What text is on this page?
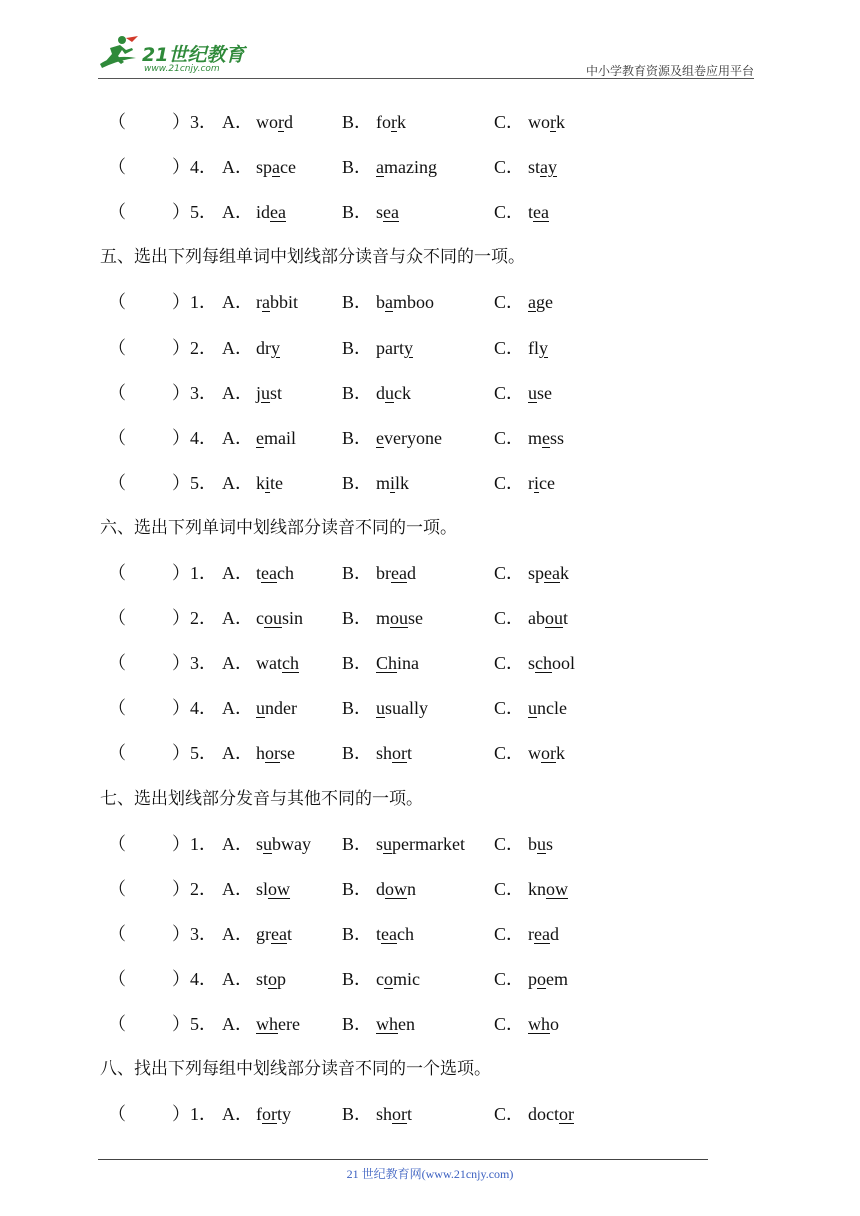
21世纪教育
www.21cnjy.com	中小学教育资源及组卷应用平台
（	） 3． A． word	B． fork	C． work
（	） 4． A． space	B． amazing	C． stay
（	） 5． A． idea	B． sea	C． tea
五、选出下列每组单词中划线部分读音与众不同的一项。
（	） 1． A． rabbit B． bamboo	C． age
（	） 2． A． dry	B． party	C． fly
（	） 3． A． just	B． duck	C． use
（	） 4． A． email	B． everyone	C． mess
（	） 5． A． kite	B． milk	C． rice
六、选出下列单词中划线部分读音不同的一项。
（	） 1． A． teach	B． bread	C． speak
（	） 2． A． cousin B． mouse	C． about
（	） 3． A． watch B． China	C． school
（	） 4． A． under	B． usually	C． uncle
（	） 5． A． horse	B． short	C． work
七、选出划线部分发音与其他不同的一项。
（	） 1． A． subway B． supermarket C． bus
（	） 2． A． slow	B． down	C． know
（	） 3． A． great	B． teach	C． read
（	） 4． A． stop	B． comic	C． poem
（	） 5． A． where B． when	C． who
八、找出下列每组中划线部分读音不同的一个选项。
（	） 1． A． forty	B． short	C． doctor
21 世纪教育网(www.21cnjy.com)
